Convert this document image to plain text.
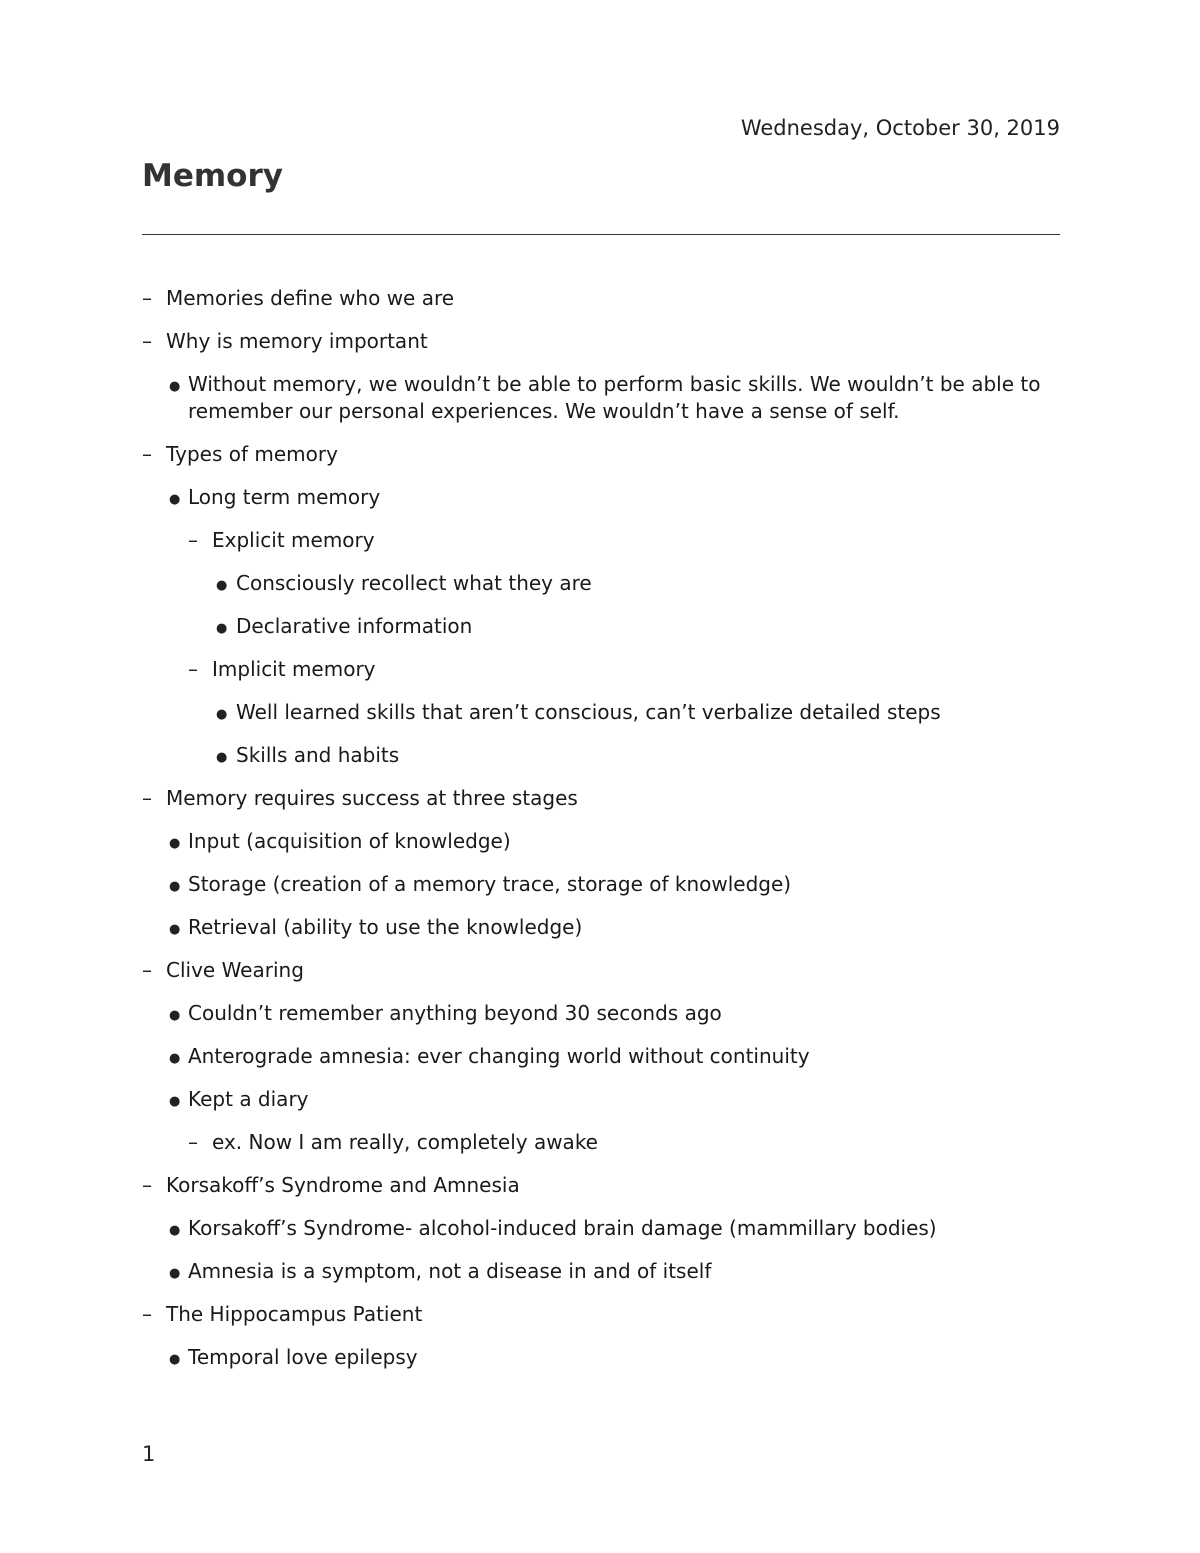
Wednesday, October 30, 2019
Memory
– Memories define who we are
– Why is memory important
● Without memory, we wouldn’t be able to perform basic skills. We wouldn’t be able to remember our personal experiences. We wouldn’t have a sense of self.
– Types of memory
● Long term memory
– Explicit memory
● Consciously recollect what they are
● Declarative information
– Implicit memory
● Well learned skills that aren’t conscious, can’t verbalize detailed steps
● Skills and habits
– Memory requires success at three stages
● Input (acquisition of knowledge)
● Storage (creation of a memory trace, storage of knowledge)
● Retrieval (ability to use the knowledge)
– Clive Wearing
● Couldn’t remember anything beyond 30 seconds ago
● Anterograde amnesia: ever changing world without continuity
● Kept a diary
– ex. Now I am really, completely awake
– Korsakoff’s Syndrome and Amnesia
● Korsakoff’s Syndrome- alcohol-induced brain damage (mammillary bodies)
● Amnesia is a symptom, not a disease in and of itself
– The Hippocampus Patient
● Temporal love epilepsy
1
